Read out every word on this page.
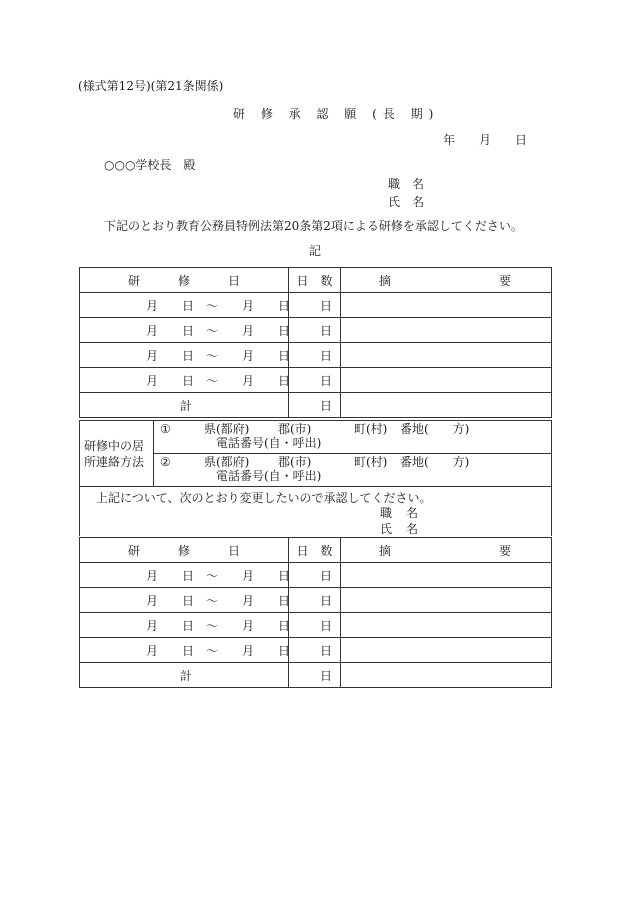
(様式第12号)(第21条関係)
研 修 承 認 願 (長 期)
年　　月　　日
○○○学校長　殿
職　名
氏　名
下記のとおり教育公務員特例法第20条第2項による研修を承認してください。
記
研修日	日　数	摘 要
月 日 ～ 月 日	日	
月 日 ～ 月 日	日	
月 日 ～ 月 日	日	
月 日 ～ 月 日	日	
計	日	
研修中の居
所連絡方法

①	県(都府) 郡(市)	町(村) 番地(　　方)
電話番号(自・呼出)

②	県(都府) 郡(市)	町(村) 番地(　　方)
電話番号(自・呼出)
上記について、次のとおり変更したいので承認してください。
職名
氏名
研修日	日　数	摘 要
月 日 ～ 月 日	日	
月 日 ～ 月 日	日	
月 日 ～ 月 日	日	
月 日 ～ 月 日	日	
計	日	
